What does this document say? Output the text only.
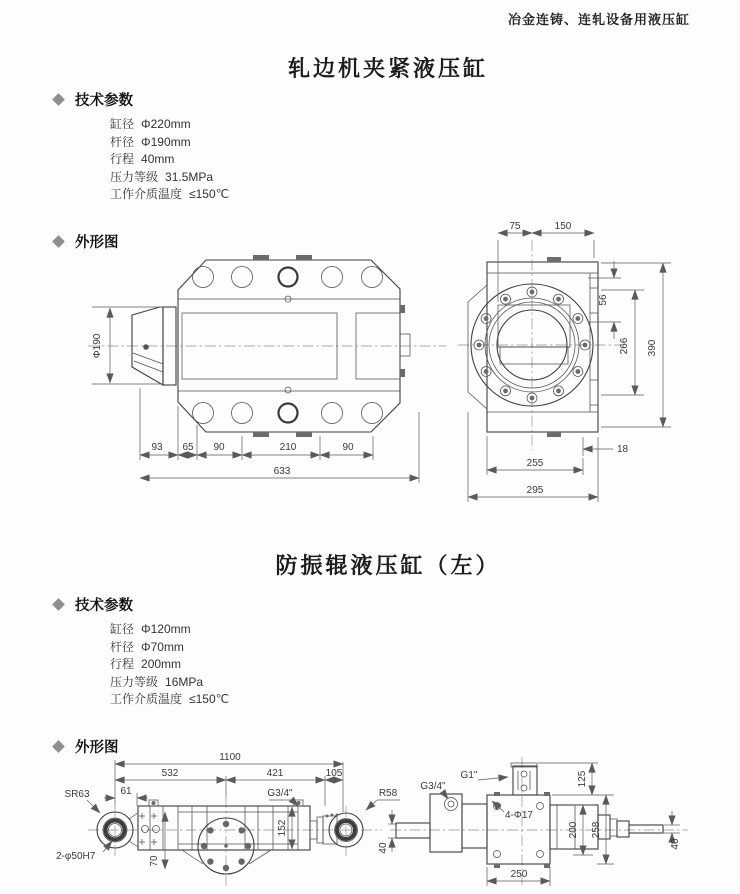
冶金连铸、连轧设备用液压缸
轧边机夹紧液压缸
技术参数
缸径 Φ220mm
杆径 Φ190mm
行程 40mm
压力等级 31.5MPa
工作介质温度 ≤150℃
外形图
Φ190
93 65 90	210	90
633
75	150
56
266 390
18
255
295
防振辊液压缸（左）
技术参数
缸径 Φ120mm
杆径 Φ70mm
行程 200mm
压力等级 16MPa
工作介质温度 ≤150℃
外形图
1100
532	421	105
61
SR63
2-φ50H7
R58
G3/4"
152
70
G3/4"
G1"
4-Φ17
125
200 258
40	40
250
